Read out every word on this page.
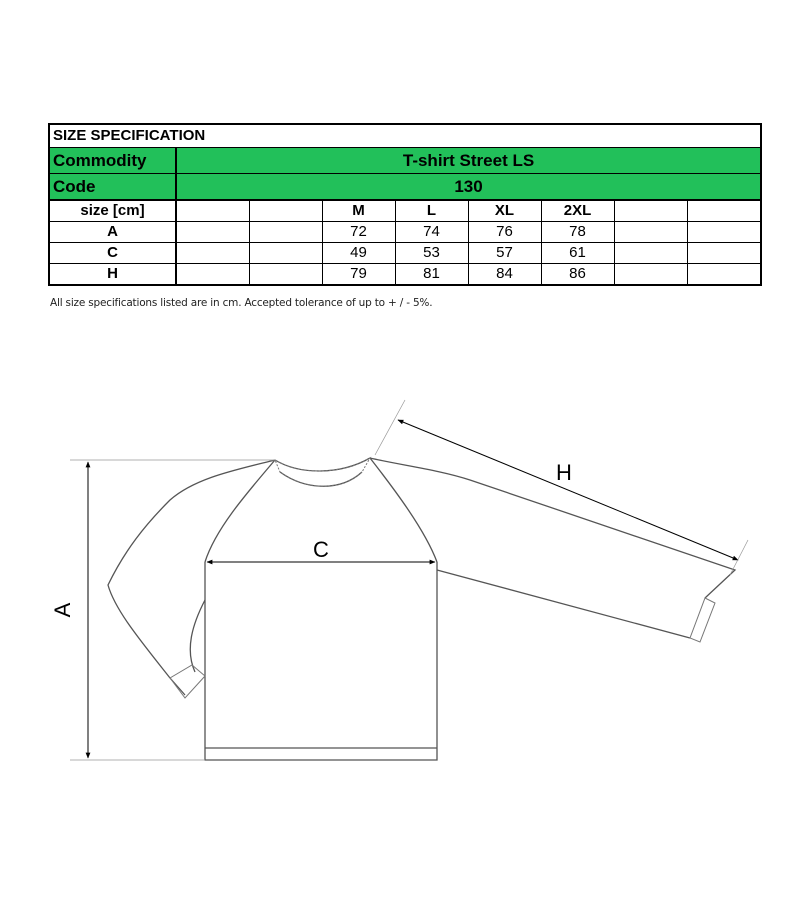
SIZE SPECIFICATION								
Commodity	T-shirt Street LS							
Code	130							
size [cm]			M	L	XL	2XL		
A			72	74	76	78		
C			49	53	57	61		
H			79	81	84	86		
All size specifications listed are in cm. Accepted tolerance of up to + / - 5%.
A
C
H
